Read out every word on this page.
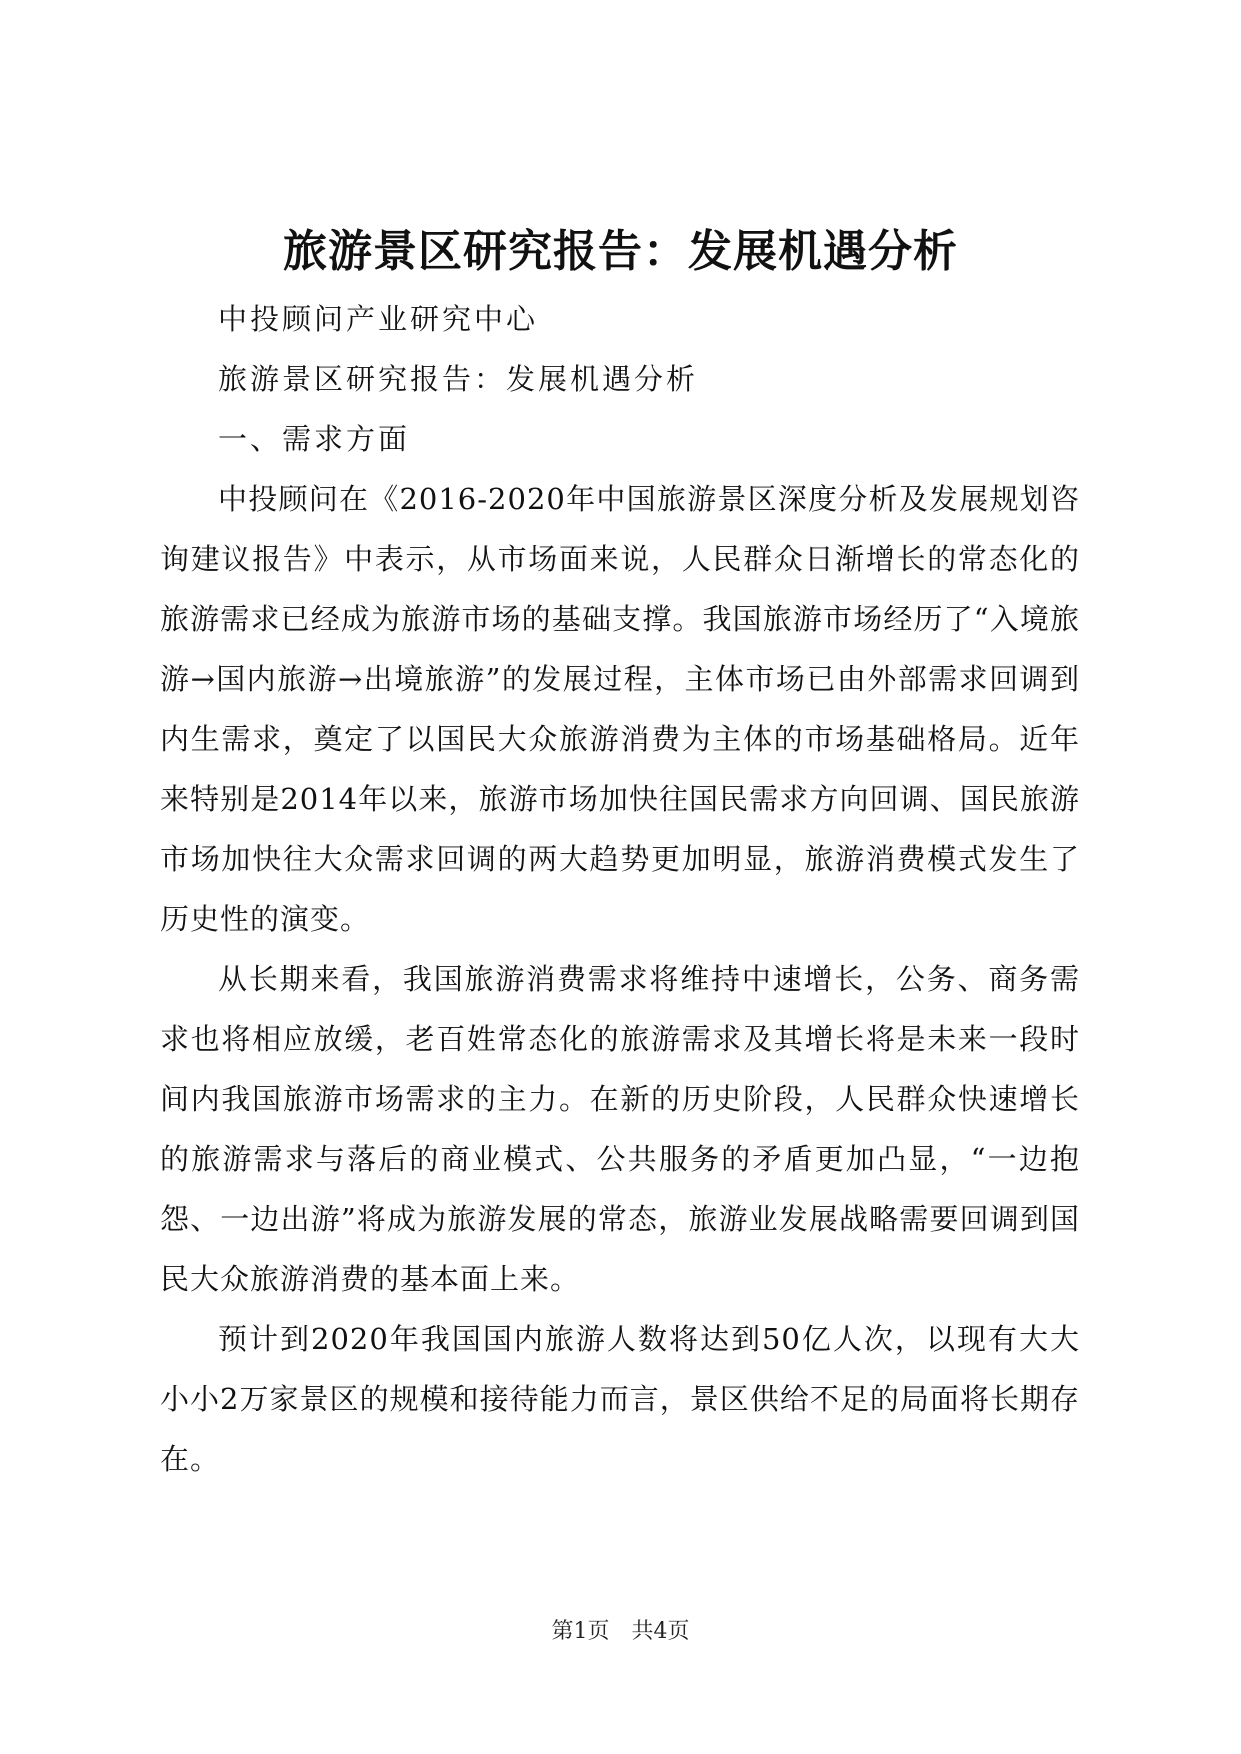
旅游景区研究报告：发展机遇分析

中投顾问产业研究中心

旅游景区研究报告：发展机遇分析

一、需求方面

中投顾问在《2016-2020年中国旅游景区深度分析及发展规划咨询建议报告》中表示，从市场面来说，人民群众日渐增长的常态化的旅游需求已经成为旅游市场的基础支撑。我国旅游市场经历了“入境旅游→国内旅游→出境旅游”的发展过程，主体市场已由外部需求回调到内生需求，奠定了以国民大众旅游消费为主体的市场基础格局。近年来特别是2014年以来，旅游市场加快往国民需求方向回调、国民旅游市场加快往大众需求回调的两大趋势更加明显，旅游消费模式发生了历史性的演变。

从长期来看，我国旅游消费需求将维持中速增长，公务、商务需求也将相应放缓，老百姓常态化的旅游需求及其增长将是未来一段时间内我国旅游市场需求的主力。在新的历史阶段，人民群众快速增长的旅游需求与落后的商业模式、公共服务的矛盾更加凸显，“一边抱怨、一边出游”将成为旅游发展的常态，旅游业发展战略需要回调到国民大众旅游消费的基本面上来。

预计到2020年我国国内旅游人数将达到50亿人次，以现有大大小小2万家景区的规模和接待能力而言，景区供给不足的局面将长期存在。

第1页 共4页
